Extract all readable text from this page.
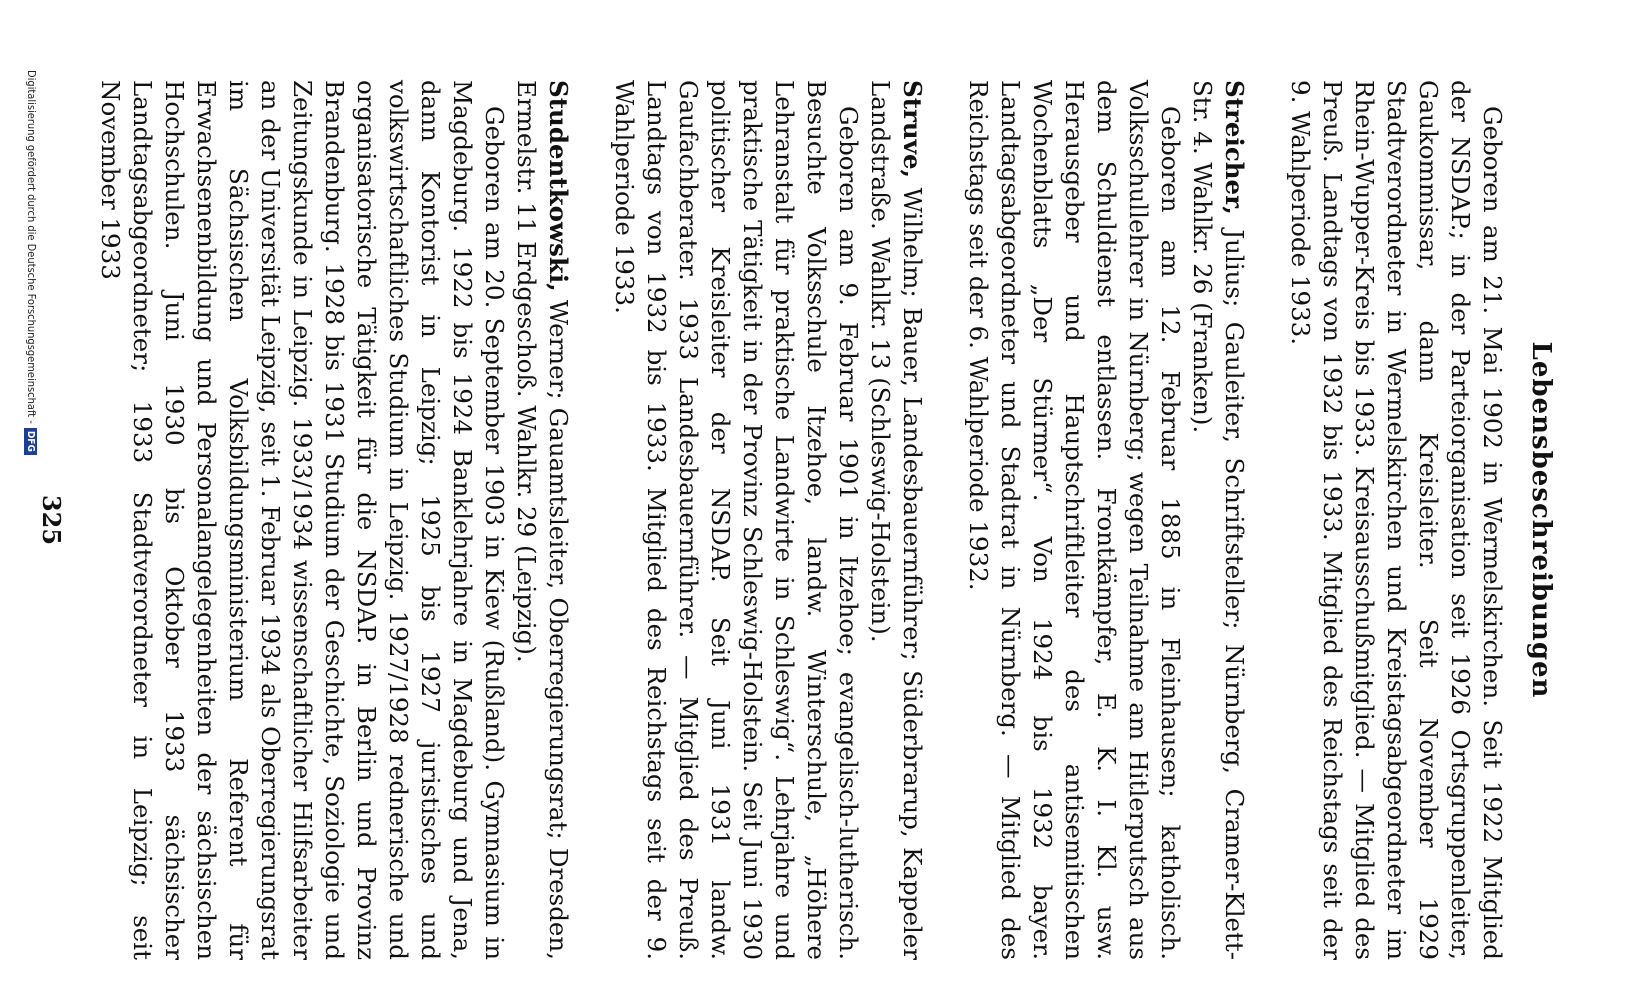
Lebensbeschreibungen

Geboren am 21. Mai 1902 in Wermelskirchen. Seit 1922 Mitglied der NSDAP.; in der Parteiorganisation seit 1926 Ortsgruppenleiter, Gaukommissar, dann Kreisleiter. Seit November 1929 Stadtverordneter in Wermelskirchen und Kreistagsabgeordneter im Rhein-Wupper-Kreis bis 1933. Kreisausschußmitglied. — Mitglied des Preuß. Landtags von 1932 bis 1933. Mitglied des Reichstags seit der 9. Wahlperiode 1933.

Streicher, Julius; Gauleiter, Schriftsteller; Nürnberg, Cramer-Klett-Str. 4. Wahlkr. 26 (Franken).

Geboren am 12. Februar 1885 in Fleinhausen; katholisch. Volksschullehrer in Nürnberg; wegen Teilnahme am Hitlerputsch aus dem Schuldienst entlassen. Frontkämpfer, E. K. I. Kl. usw. Herausgeber und Hauptschriftleiter des antisemitischen Wochenblatts „Der Stürmer“. Von 1924 bis 1932 bayer. Landtagsabgeordneter und Stadtrat in Nürnberg. — Mitglied des Reichstags seit der 6. Wahlperiode 1932.

Struve, Wilhelm; Bauer, Landesbauernführer; Süderbrarup, Kappeler Landstraße. Wahlkr. 13 (Schleswig-Holstein).

Geboren am 9. Februar 1901 in Itzehoe; evangelisch-lutherisch. Besuchte Volksschule Itzehoe, landw. Winterschule, „Höhere Lehranstalt für praktische Landwirte in Schleswig“. Lehrjahre und praktische Tätigkeit in der Provinz Schleswig-Holstein. Seit Juni 1930 politischer Kreisleiter der NSDAP. Seit Juni 1931 landw. Gaufachberater. 1933 Landesbauernführer. — Mitglied des Preuß. Landtags von 1932 bis 1933. Mitglied des Reichstags seit der 9. Wahlperiode 1933.

Studentkowski, Werner; Gauamtsleiter, Oberregierungsrat; Dresden, Ermelstr. 11 Erdgeschoß. Wahlkr. 29 (Leipzig).

Geboren am 20. September 1903 in Kiew (Rußland). Gymnasium in Magdeburg. 1922 bis 1924 Banklehrjahre in Magdeburg und Jena, dann Kontorist in Leipzig; 1925 bis 1927 juristisches und volkswirtschaftliches Studium in Leipzig. 1927/1928 rednerische und organisatorische Tätigkeit für die NSDAP. in Berlin und Provinz Brandenburg. 1928 bis 1931 Studium der Geschichte, Soziologie und Zeitungskunde in Leipzig. 1933/1934 wissenschaftlicher Hilfsarbeiter an der Universität Leipzig, seit 1. Februar 1934 als Oberregierungsrat im Sächsischen Volksbildungsministerium Referent für Erwachsenenbildung und Personalangelegenheiten der sächsischen Hochschulen. Juni 1930 bis Oktober 1933 sächsischer Landtagsabgeordneter; 1933 Stadtverordneter in Leipzig; seit November 1933

325
Digitalisierung gefördert durch die Deutsche Forschungsgemeinschaft -DFG
